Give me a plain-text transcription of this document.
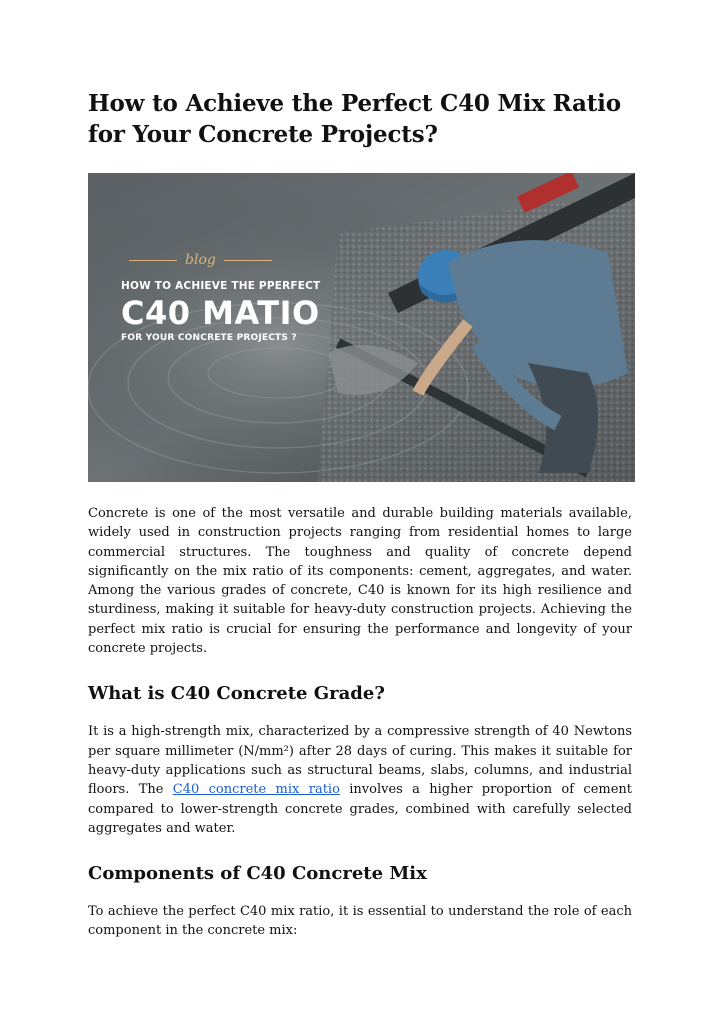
How to Achieve the Perfect C40 Mix Ratio for Your Concrete Projects?
blog
HOW TO ACHIEVE THE PPERFECT
C40 MATIO
FOR YOUR CONCRETE PROJECTS ?

Concrete is one of the most versatile and durable building materials available, widely used in construction projects ranging from residential homes to large commercial structures. The toughness and quality of concrete depend significantly on the mix ratio of its components: cement, aggregates, and water. Among the various grades of concrete, C40 is known for its high resilience and sturdiness, making it suitable for heavy-duty construction projects. Achieving the perfect mix ratio is crucial for ensuring the performance and longevity of your concrete projects.

What is C40 Concrete Grade?

It is a high-strength mix, characterized by a compressive strength of 40 Newtons per square millimeter (N/mm²) after 28 days of curing. This makes it suitable for heavy-duty applications such as structural beams, slabs, columns, and industrial floors. The C40 concrete mix ratio involves a higher proportion of cement compared to lower-strength concrete grades, combined with carefully selected aggregates and water.

Components of C40 Concrete Mix

To achieve the perfect C40 mix ratio, it is essential to understand the role of each component in the concrete mix:
